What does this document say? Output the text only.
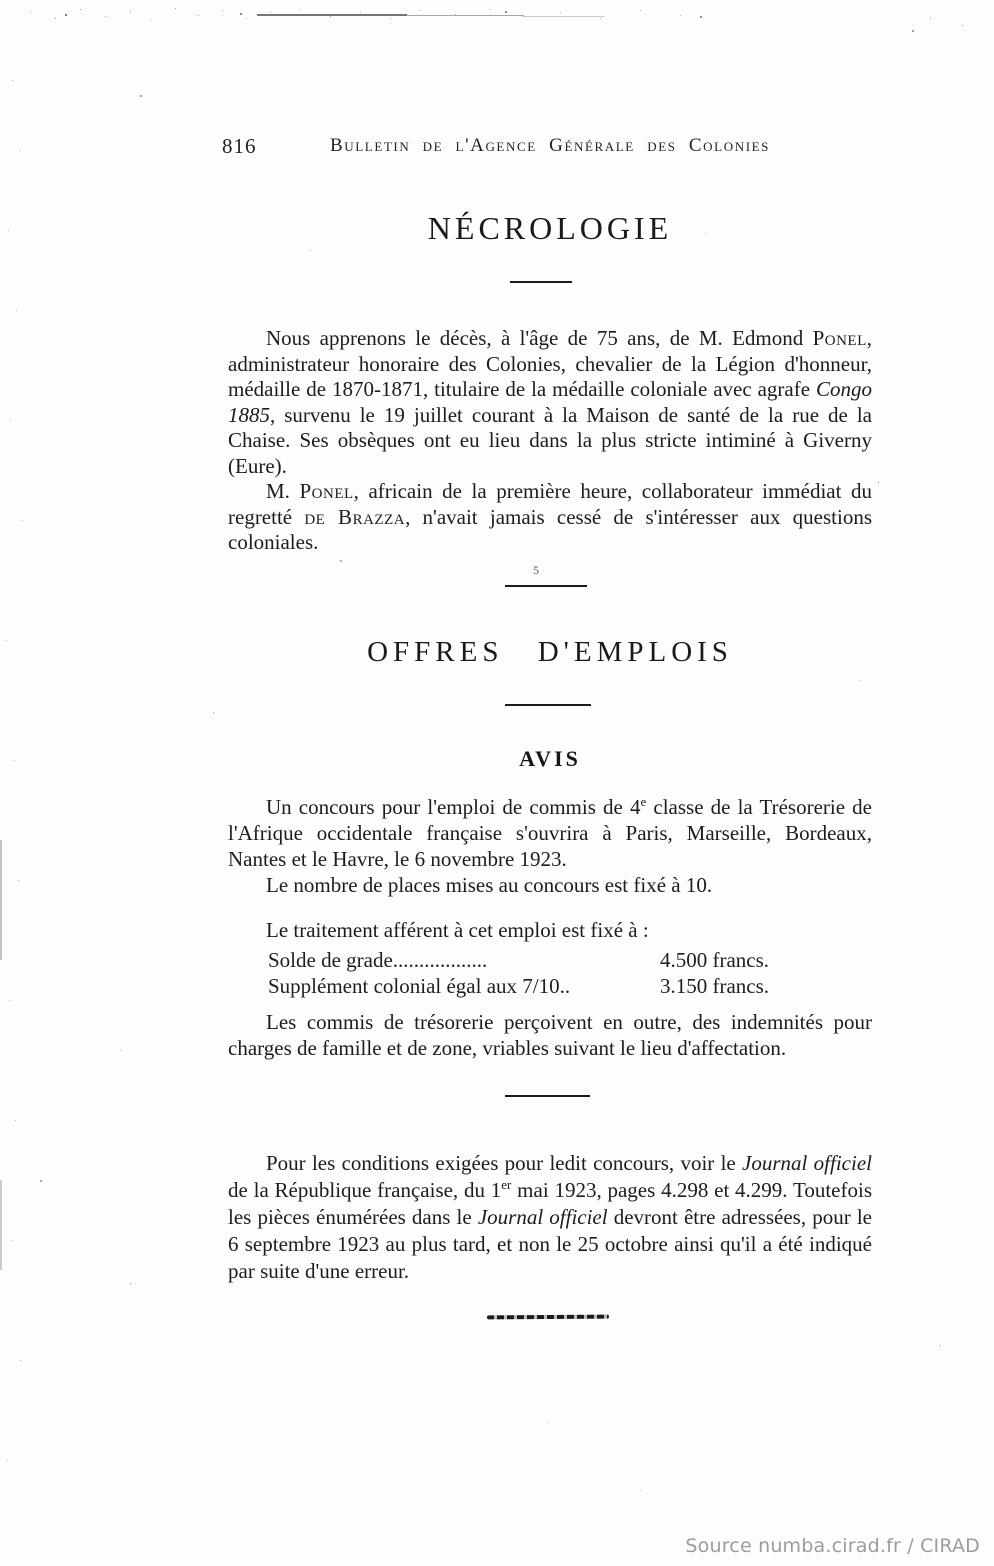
816	Bulletin de l'Agence Générale des Colonies
NÉCROLOGIE

Nous apprenons le décès, à l'âge de 75 ans, de M. Edmond Ponel, administrateur honoraire des Colonies, chevalier de la Légion d'honneur, médaille de 1870-1871, titulaire de la médaille coloniale avec agrafe Congo 1885, survenu le 19 juillet courant à la Maison de santé de la rue de la Chaise. Ses obsèques ont eu lieu dans la plus stricte intiminé à Giverny (Eure).

M. Ponel, africain de la première heure, collaborateur immédiat du regretté de Brazza, n'avait jamais cessé de s'intéresser aux questions coloniales.

5
OFFRES D'EMPLOIS
AVIS

Un concours pour l'emploi de commis de 4e classe de la Trésorerie de l'Afrique occidentale française s'ouvrira à Paris, Marseille, Bordeaux, Nantes et le Havre, le 6 novembre 1923.

Le nombre de places mises au concours est fixé à 10.

Le traitement afférent à cet emploi est fixé à :

Solde de grade..................	4.500 francs.
Supplément colonial égal aux 7/10..	3.150 francs.

Les commis de trésorerie perçoivent en outre, des indemnités pour charges de famille et de zone, vriables suivant le lieu d'affectation.

Pour les conditions exigées pour ledit concours, voir le Journal officiel de la République française, du 1er mai 1923, pages 4.298 et 4.299. Toutefois les pièces énumérées dans le Journal officiel devront être adressées, pour le 6 septembre 1923 au plus tard, et non le 25 octobre ainsi qu'il a été indiqué par suite d'une erreur.

Source numba.cirad.fr / CIRAD
